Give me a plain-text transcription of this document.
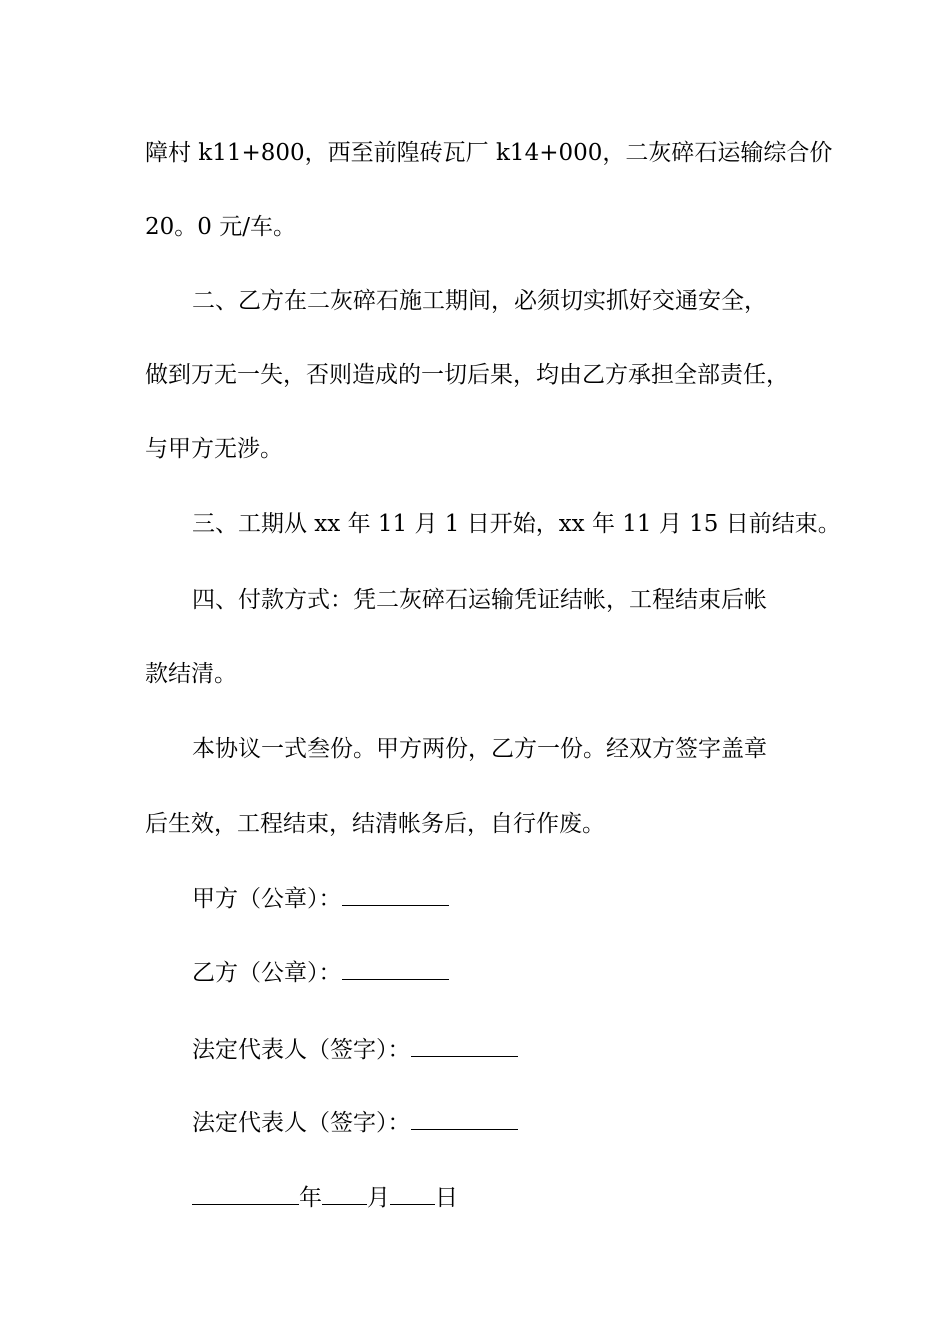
障村 k11+800，西至前隍砖瓦厂 k14+000，二灰碎石运输综合价
20。0 元/车。
二、乙方在二灰碎石施工期间，必须切实抓好交通安全，
做到万无一失，否则造成的一切后果，均由乙方承担全部责任，
与甲方无涉。
三、工期从 xx 年 11 月 1 日开始，xx 年 11 月 15 日前结束。
四、付款方式：凭二灰碎石运输凭证结帐，工程结束后帐
款结清。
本协议一式叁份。甲方两份，乙方一份。经双方签字盖章
后生效，工程结束，结清帐务后，自行作废。
甲方（公章）：
乙方（公章）：
法定代表人（签字）：
法定代表人（签字）：
年 月 日
